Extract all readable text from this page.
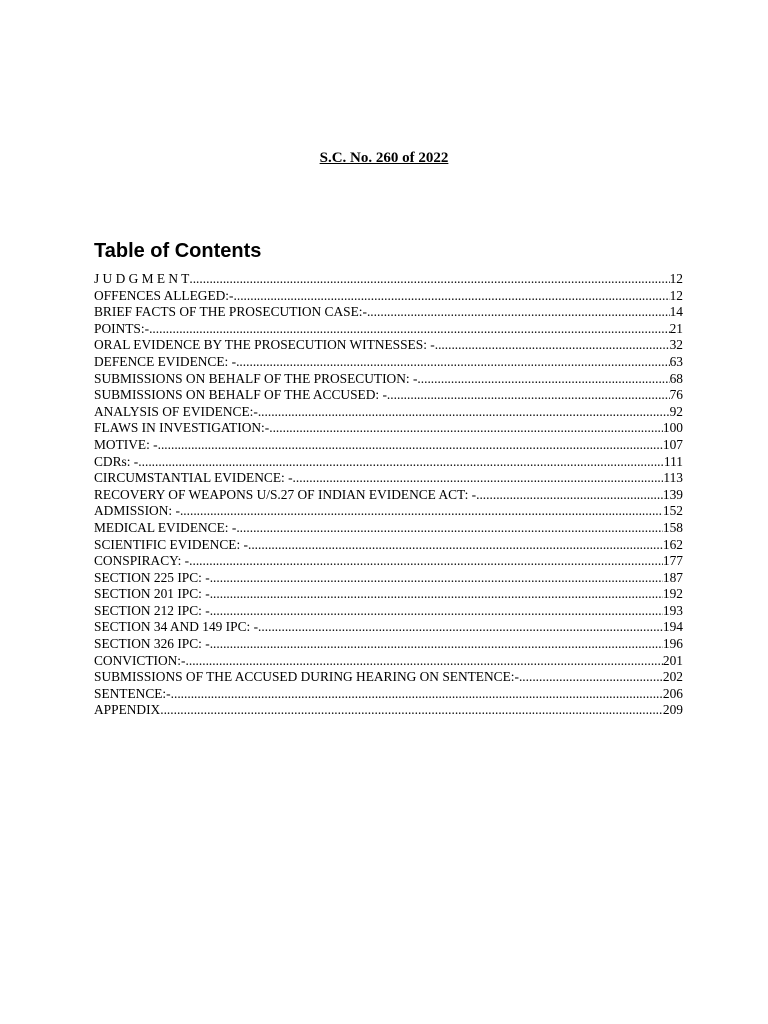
S.C. No. 260 of 2022
Table of Contents
J U D G M E N T .....	12
OFFENCES ALLEGED:- .....	12
BRIEF FACTS OF THE PROSECUTION CASE:- .....	14
POINTS:- .....	21
ORAL EVIDENCE BY THE PROSECUTION WITNESSES: - .....	32
DEFENCE EVIDENCE: - .....	63
SUBMISSIONS ON BEHALF OF THE PROSECUTION: - .....	68
SUBMISSIONS ON BEHALF OF THE ACCUSED: - .....	76
ANALYSIS OF EVIDENCE:- .....	92
FLAWS IN INVESTIGATION:- .....	100
MOTIVE: - .....	107
CDRs: - .....	111
CIRCUMSTANTIAL EVIDENCE: - .....	113
RECOVERY OF WEAPONS U/S.27 OF INDIAN EVIDENCE ACT: - .....	139
ADMISSION: - .....	152
MEDICAL EVIDENCE: - .....	158
SCIENTIFIC EVIDENCE: - .....	162
CONSPIRACY: - .....	177
SECTION 225 IPC: - .....	187
SECTION 201 IPC: - .....	192
SECTION 212 IPC: - .....	193
SECTION 34 AND 149 IPC: - .....	194
SECTION 326 IPC: - .....	196
CONVICTION:- .....	201
SUBMISSIONS OF THE ACCUSED DURING HEARING ON SENTENCE:- .....	202
SENTENCE:- .....	206
APPENDIX .....	209
